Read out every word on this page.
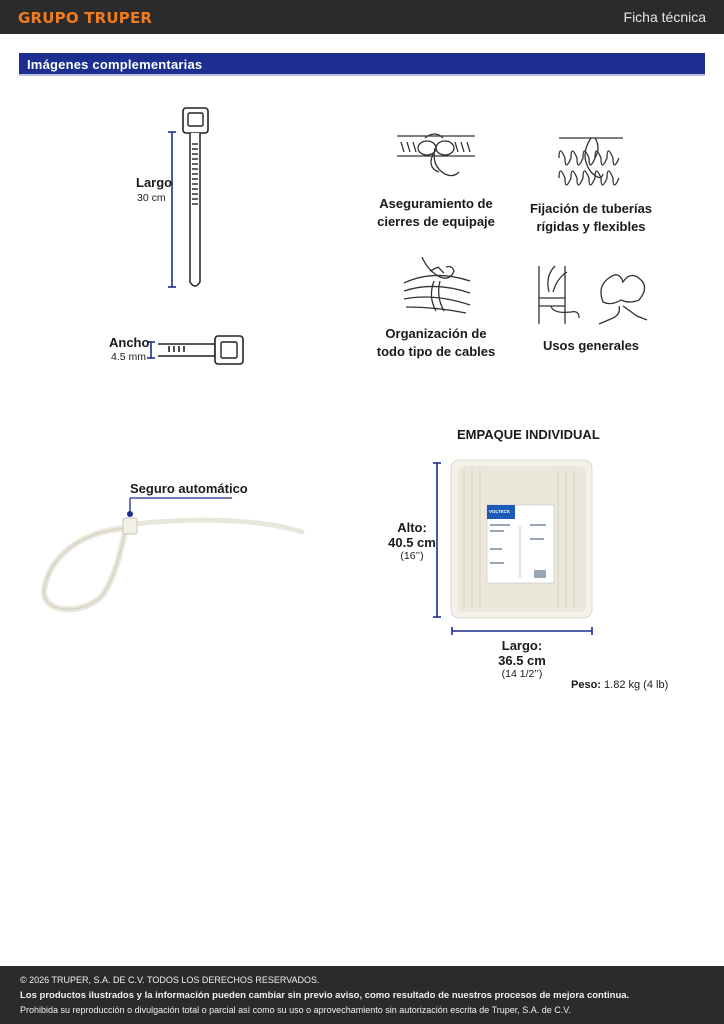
GRUPO TRUPER	Ficha técnica
Imágenes complementarias
Largo
30 cm
Ancho
4.5 mm
Aseguramiento de
cierres de equipaje
Fijación de tuberías
rígidas y flexibles
Organización de
todo tipo de cables	Usos generales
Seguro automático
EMPAQUE INDIVIDUAL
VOLTECK
Alto:
40.5 cm
(16’’)
Largo:
36.5 cm
(14 1/2’’)
Peso: 1.82 kg (4 lb)
© 2026 TRUPER, S.A. DE C.V. TODOS LOS DERECHOS RESERVADOS.
Los productos ilustrados y la información pueden cambiar sin previo aviso, como resultado de nuestros procesos de mejora continua.
Prohibida su reproducción o divulgación total o parcial así como su uso o aprovechamiento sin autorización escrita de Truper, S.A. de C.V.
